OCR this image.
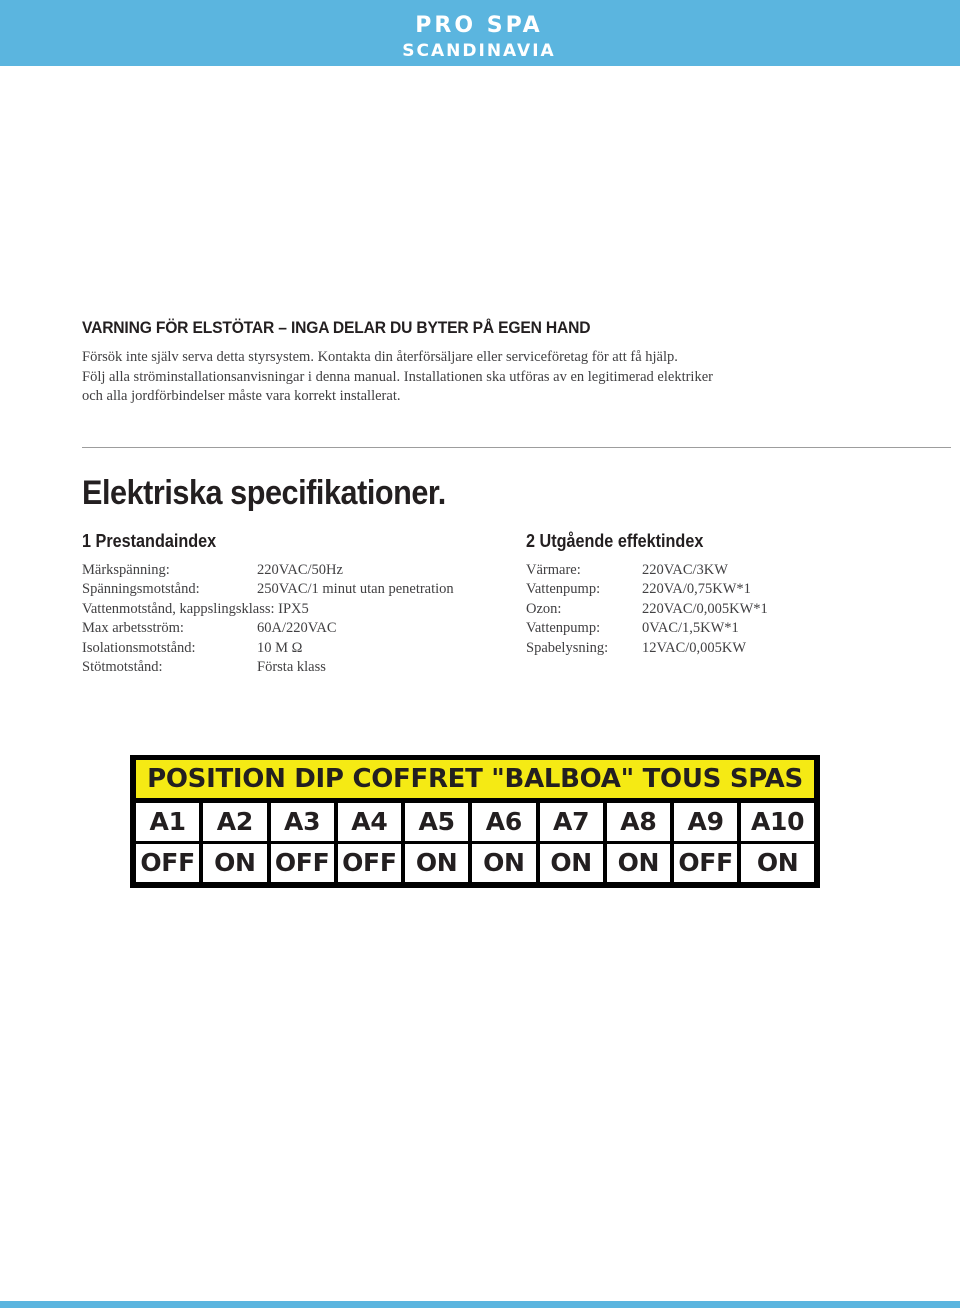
PRO SPA
SCANDINAVIA
VARNING FÖR ELSTÖTAR – INGA DELAR DU BYTER PÅ EGEN HAND

Försök inte själv serva detta styrsystem. Kontakta din återförsäljare eller serviceföretag för att få hjälp.

Följ alla ströminstallationsanvisningar i denna manual. Installationen ska utföras av en legitimerad elektriker

och alla jordförbindelser måste vara korrekt installerat.

Elektriska specifikationer.
1 Prestandaindex
Märkspänning:	220VAC/50Hz
Spänningsmotstånd:	250VAC/1 minut utan penetration
Vattenmotstånd, kappslingsklass: IPX5
Max arbetsström:	60A/220VAC
Isolationsmotstånd:	10 M Ω
Stötmotstånd:	Första klass
2 Utgående effektindex
Värmare:	220VAC/3KW
Vattenpump:	220VA/0,75KW*1
Ozon:	220VAC/0,005KW*1
Vattenpump:	0VAC/1,5KW*1
Spabelysning: 12VAC/0,005KW
POSITION DIP COFFRET "BALBOA" TOUS SPAS
A1	A2	A3	A4	A5	A6	A7	A8	A9	A10
OFF ON OFF OFF ON	ON	ON	ON OFF ON
